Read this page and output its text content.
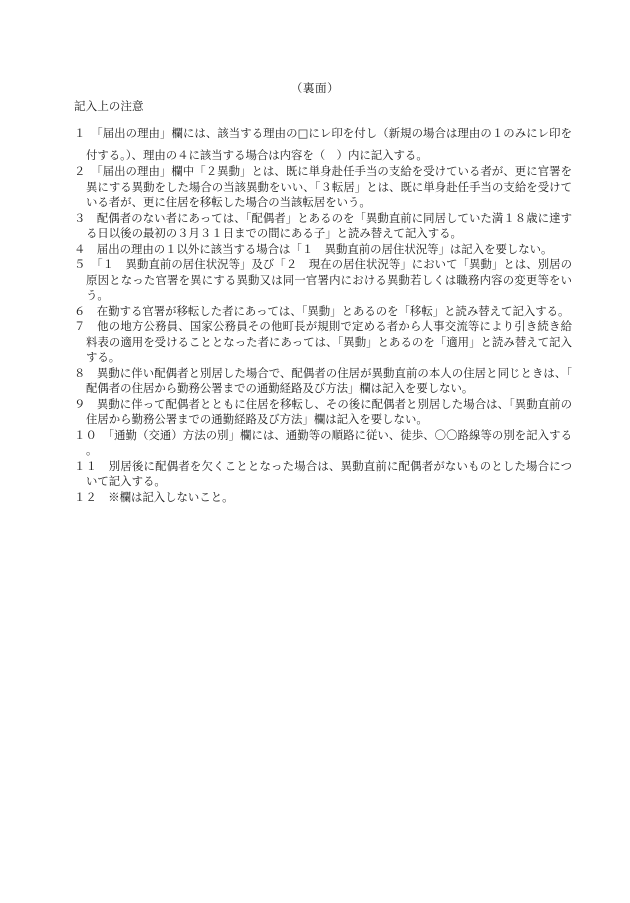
（裏面）
記入上の注意
１　「届出の理由」欄には、該当する理由の□にレ印を付し（新規の場合は理由の１のみにレ印を付する。）、理由の４に該当する場合は内容を（　）内に記入する。
２　「届出の理由」欄中「２異動」とは、既に単身赴任手当の支給を受けている者が、更に官署を異にする異動をした場合の当該異動をいい、「３転居」とは、既に単身赴任手当の支給を受けている者が、更に住居を移転した場合の当該転居をいう。
３　配偶者のない者にあっては、「配偶者」とあるのを「異動直前に同居していた満１８歳に達する日以後の最初の３月３１日までの間にある子」と読み替えて記入する。
４　届出の理由の１以外に該当する場合は「１　異動直前の居住状況等」は記入を要しない。
５　「１　異動直前の居住状況等」及び「２　現在の居住状況等」において「異動」とは、別居の原因となった官署を異にする異動又は同一官署内における異動若しくは職務内容の変更等をいう。
６　在勤する官署が移転した者にあっては、「異動」とあるのを「移転」と読み替えて記入する。
７　他の地方公務員、国家公務員その他町長が規則で定める者から人事交流等により引き続き給料表の適用を受けることとなった者にあっては、「異動」とあるのを「適用」と読み替えて記入する。
８　異動に伴い配偶者と別居した場合で、配偶者の住居が異動直前の本人の住居と同じときは、「配偶者の住居から勤務公署までの通勤経路及び方法」欄は記入を要しない。
９　異動に伴って配偶者とともに住居を移転し、その後に配偶者と別居した場合は、「異動直前の住居から勤務公署までの通勤経路及び方法」欄は記入を要しない。
１０　「通勤（交通）方法の別」欄には、通勤等の順路に従い、徒歩、〇〇路線等の別を記入する。
１１　別居後に配偶者を欠くこととなった場合は、異動直前に配偶者がないものとした場合について記入する。
１２　※欄は記入しないこと。
